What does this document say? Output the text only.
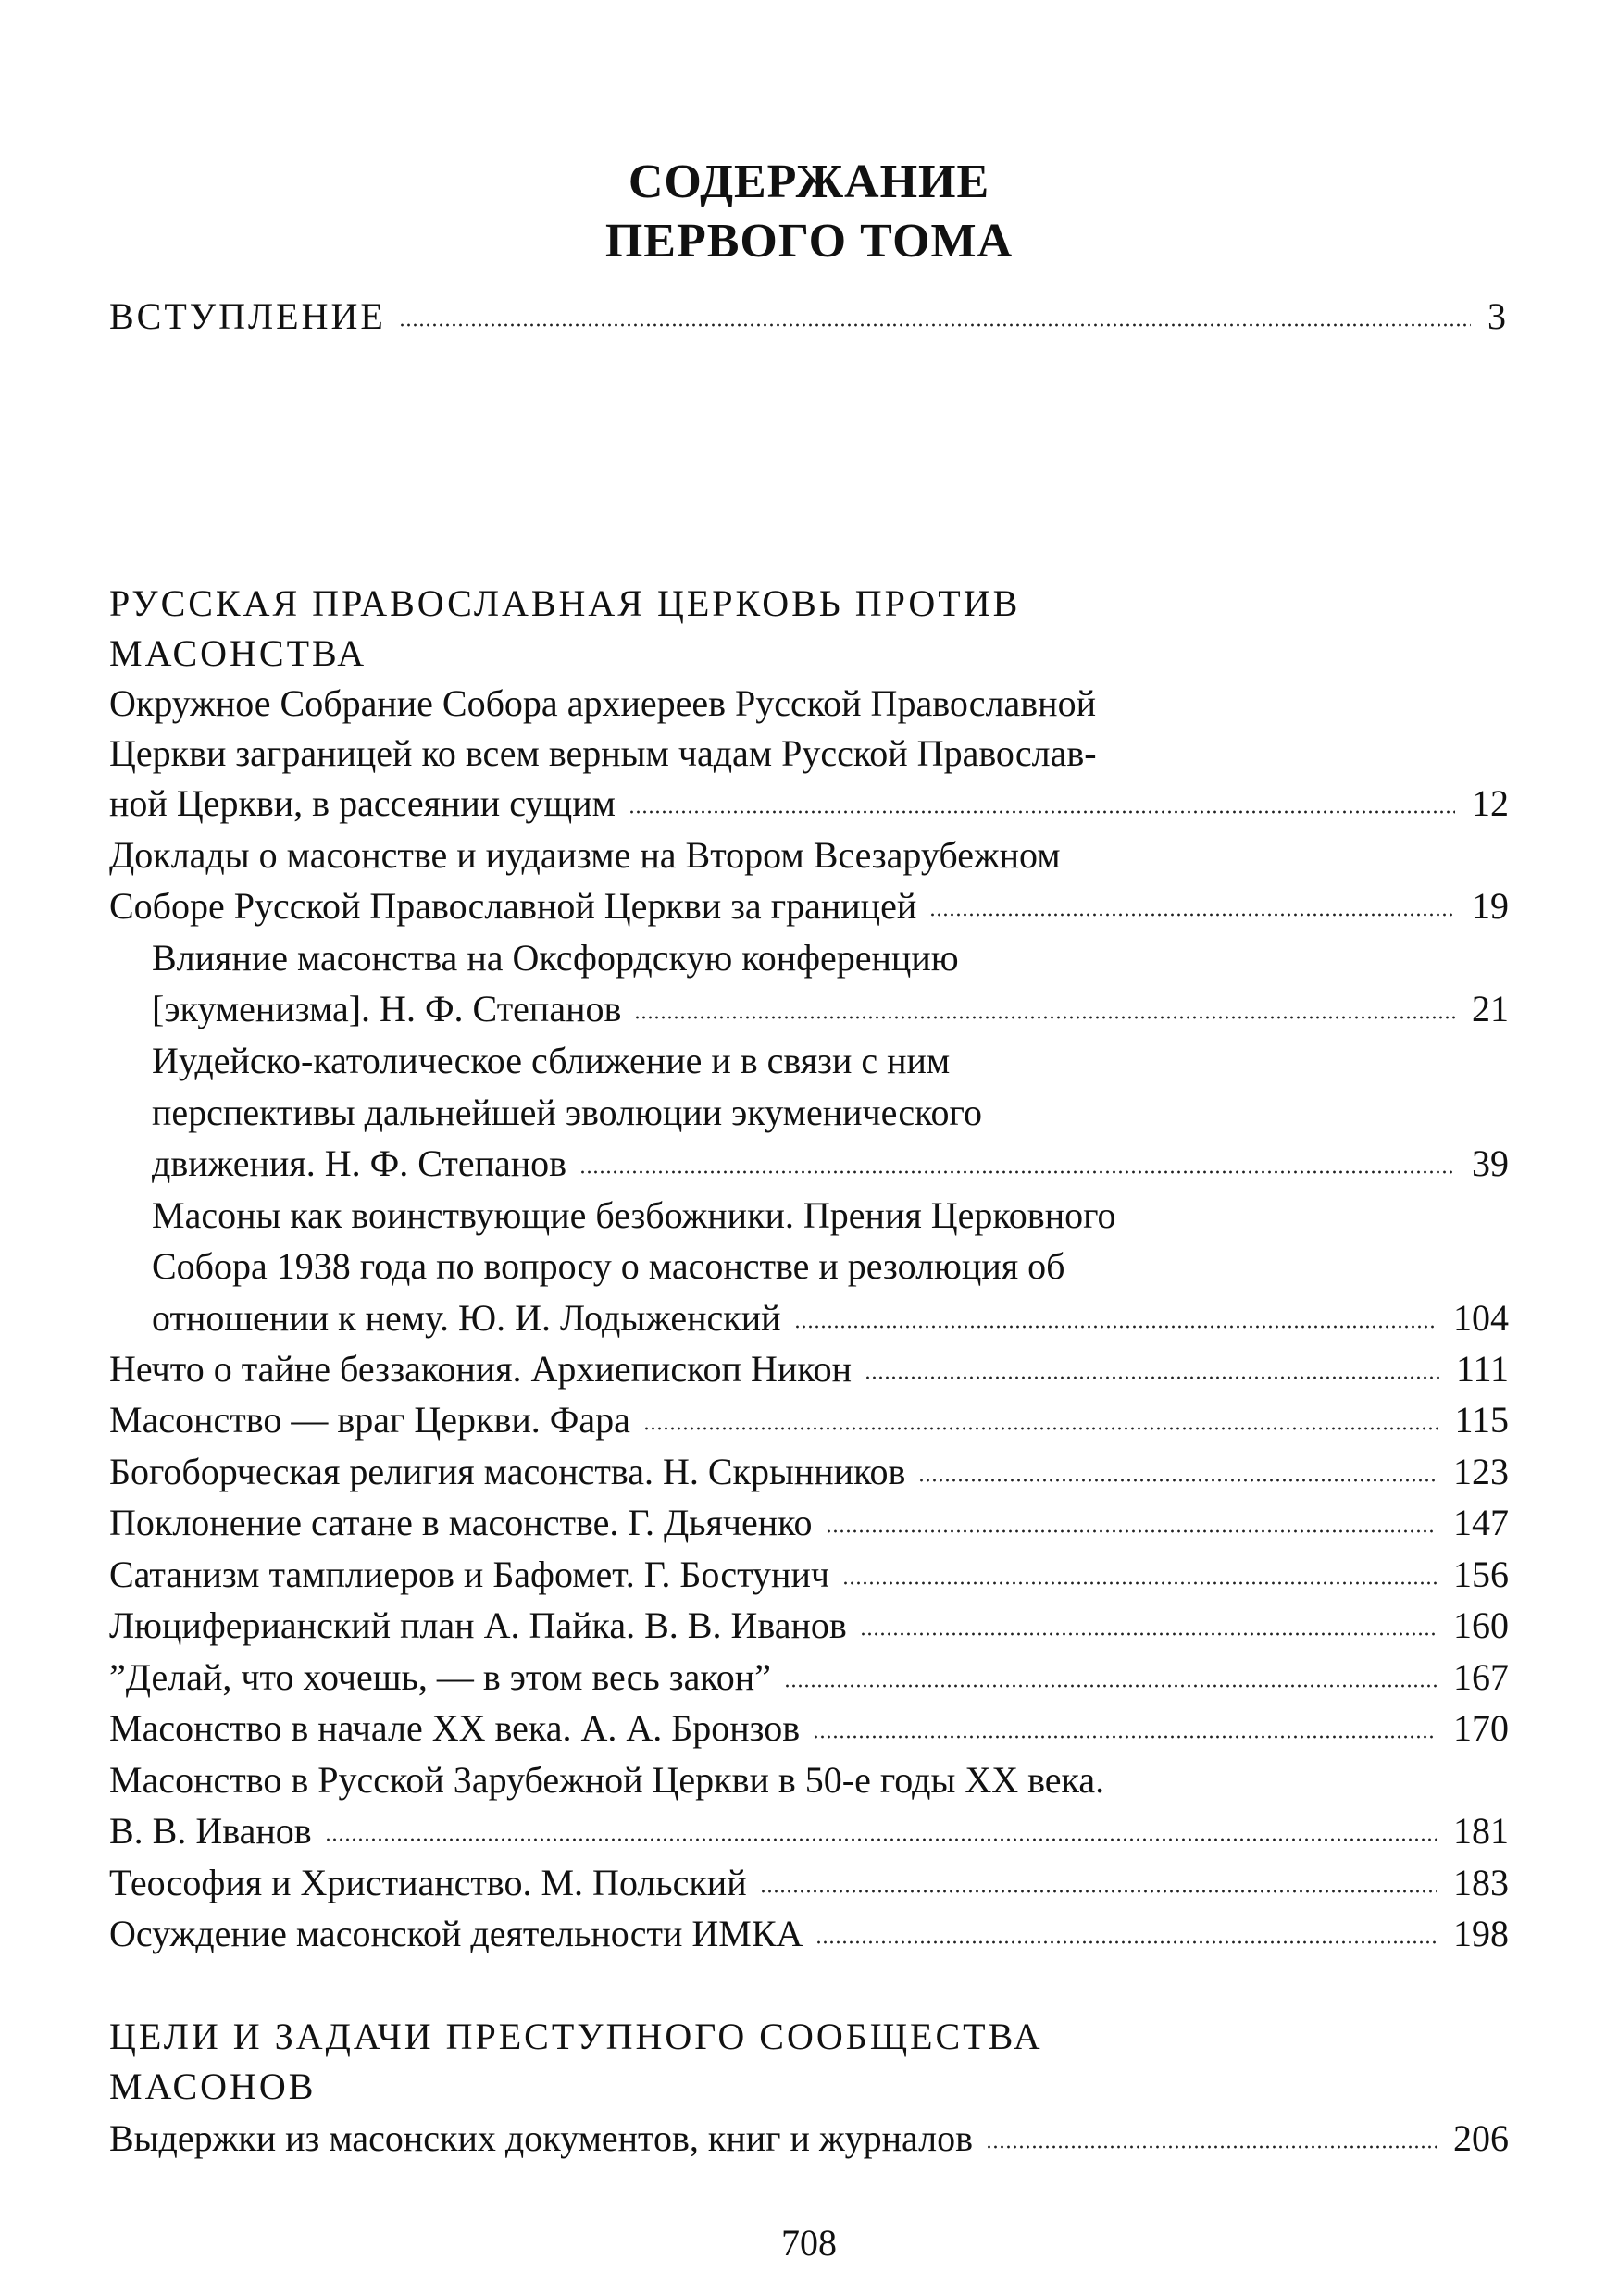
СОДЕРЖАНИЕ
ПЕРВОГО ТОМА
ВСТУПЛЕНИЕ	3
РУССКАЯ ПРАВОСЛАВНАЯ ЦЕРКОВЬ ПРОТИВ
МАСОНСТВА
Окружное Собрание Собора архиереев Русской Православной
Церкви заграницей ко всем верным чадам Русской Православ-
ной Церкви, в рассеянии сущим	12
Доклады о масонстве и иудаизме на Втором Всезарубежном
Соборе Русской Православной Церкви за границей	19
Влияние масонства на Оксфордскую конференцию
[экуменизма]. Н. Ф. Степанов	21
Иудейско-католическое сближение и в связи с ним
перспективы дальнейшей эволюции экуменического
движения. Н. Ф. Степанов	39
Масоны как воинствующие безбожники. Прения Церковного
Собора 1938 года по вопросу о масонстве и резолюция об
отношении к нему. Ю. И. Лодыженский	104
Нечто о тайне беззакония. Архиепископ Никон	111
Масонство — враг Церкви. Фара	115
Богоборческая религия масонства. Н. Скрынников	123
Поклонение сатане в масонстве. Г. Дьяченко	147
Сатанизм тамплиеров и Бафомет. Г. Бостунич	156
Люциферианский план А. Пайка. В. В. Иванов	160
”Делай, что хочешь, — в этом весь закон”	167
Масонство в начале XX века. А. А. Бронзов	170
Масонство в Русской Зарубежной Церкви в 50-е годы XX века.
В. В. Иванов	181
Теософия и Христианство. М. Польский	183
Осуждение масонской деятельности ИМКА	198
ЦЕЛИ И ЗАДАЧИ ПРЕСТУПНОГО СООБЩЕСТВА
МАСОНОВ
Выдержки из масонских документов, книг и журналов	206
708
